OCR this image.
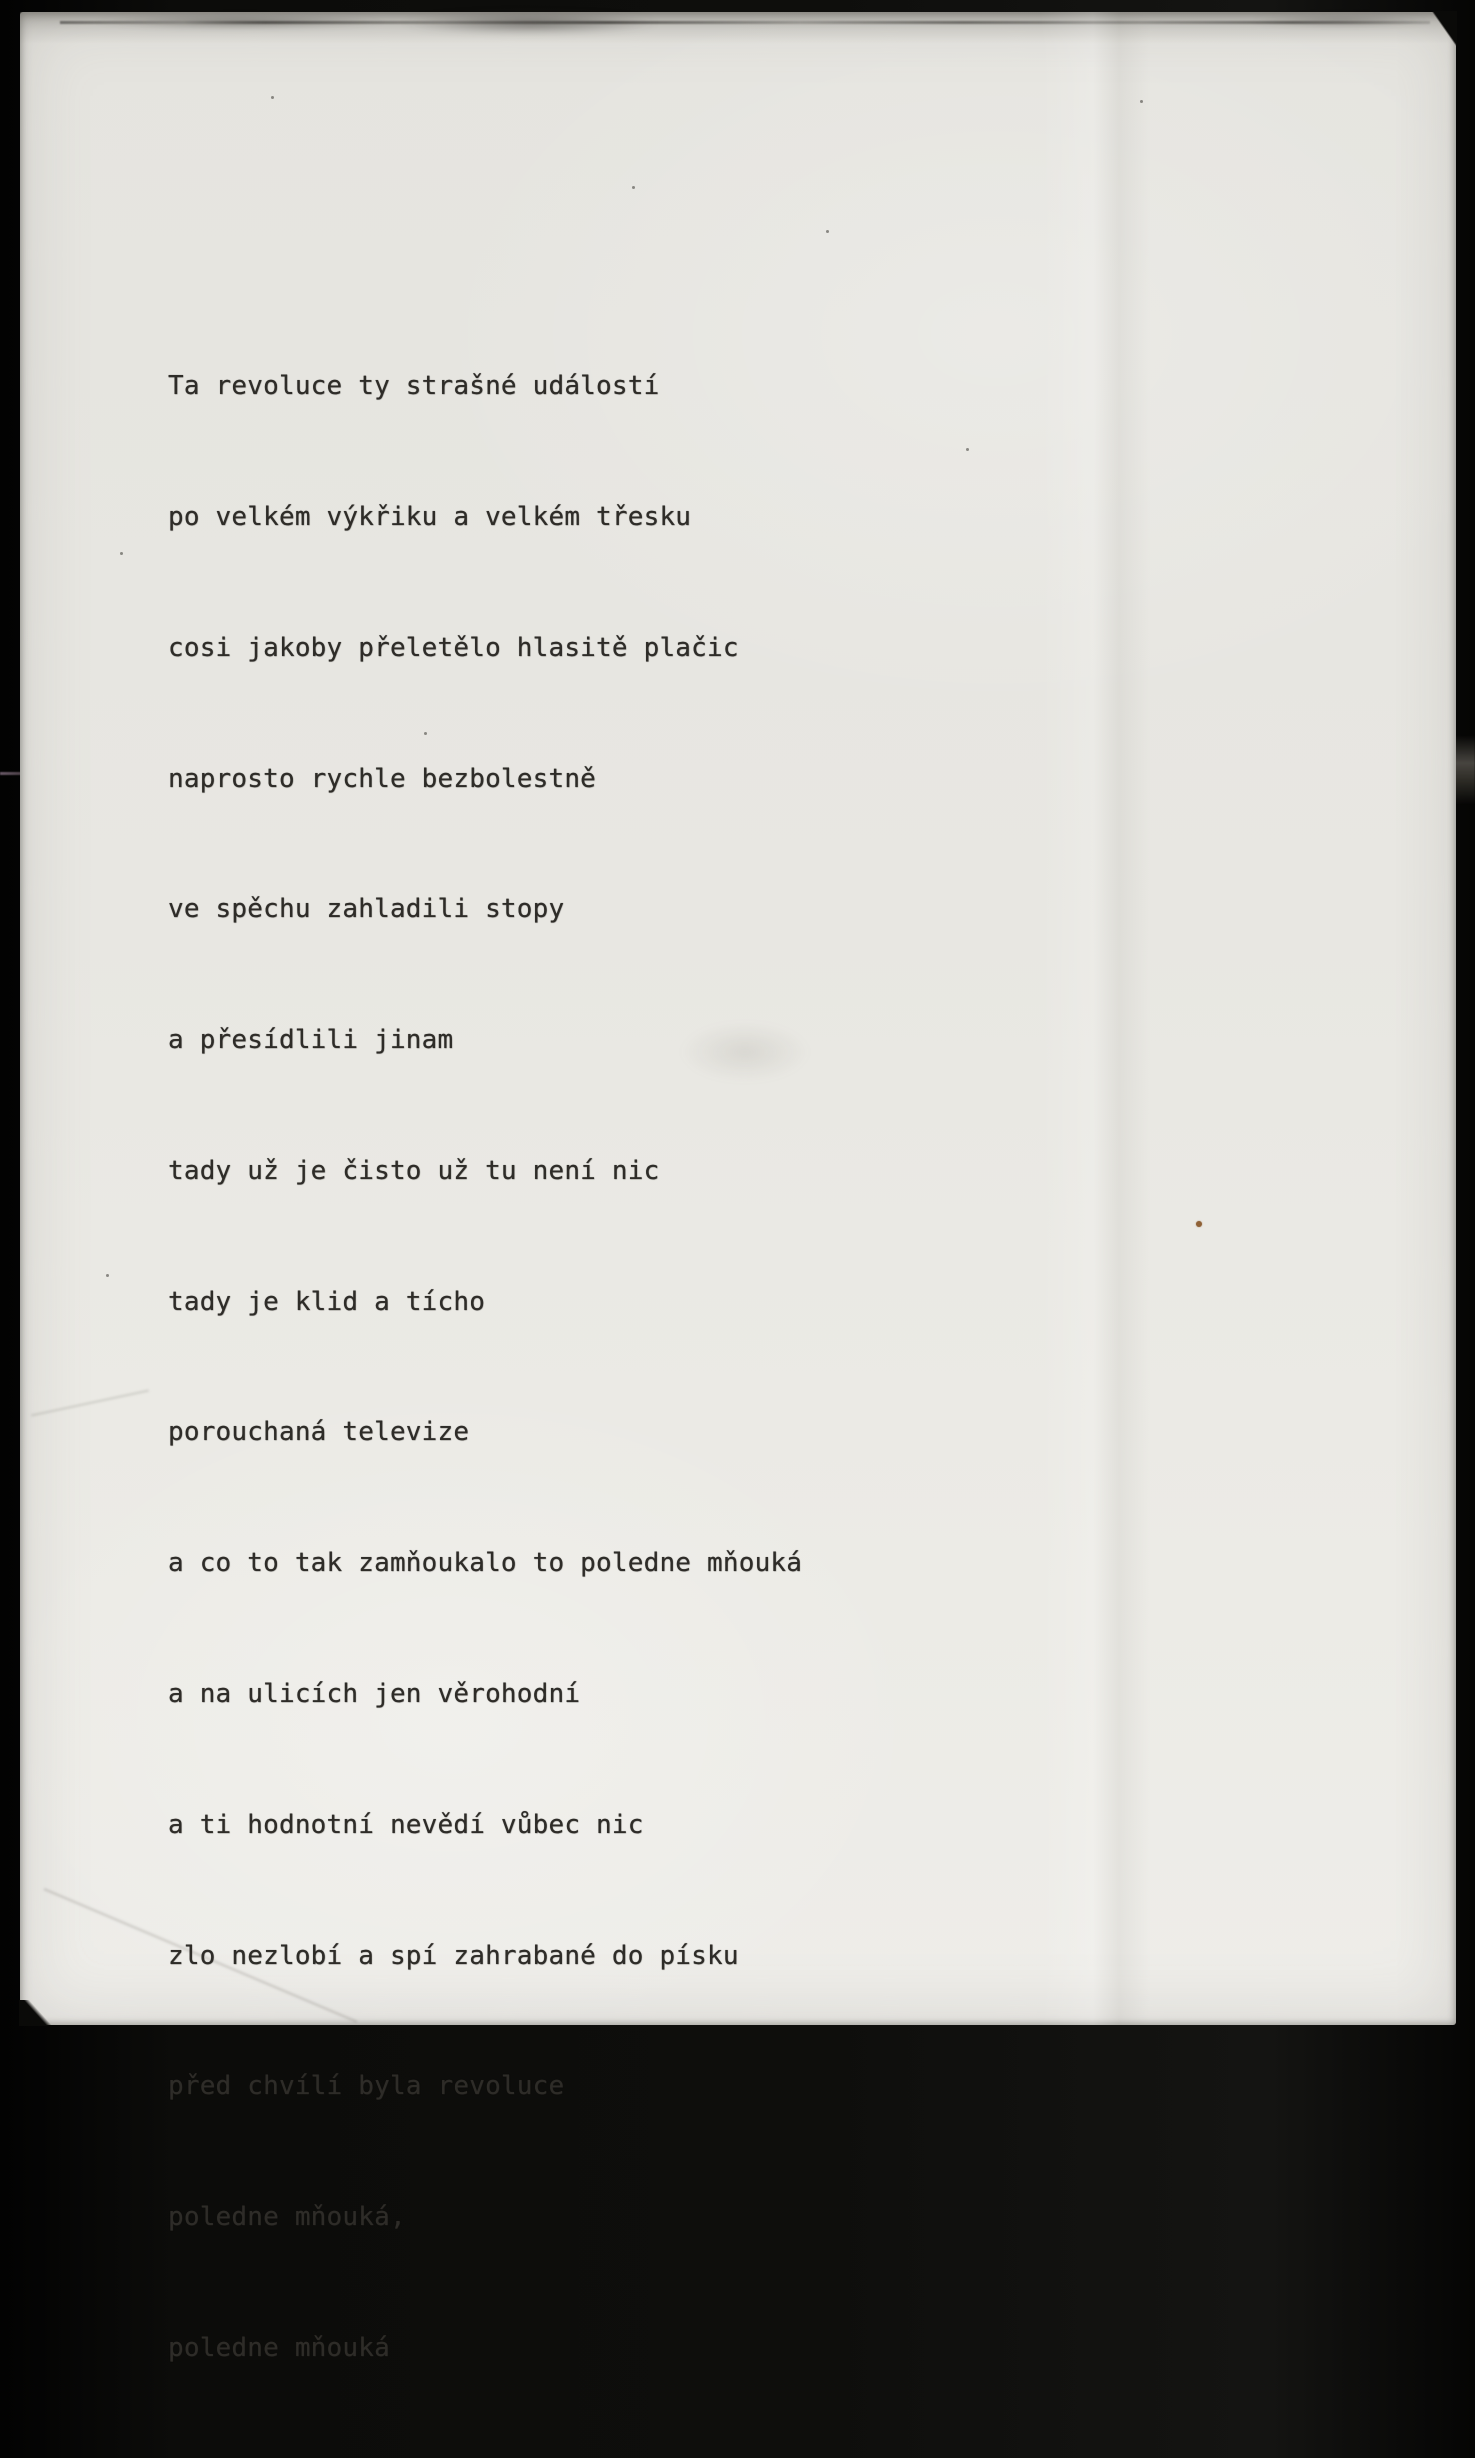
Ta revoluce ty strašné událostí

po velkém výkřiku a velkém třesku

cosi jakoby přeletělo hlasitě plačic

naprosto rychle bezbolestně

ve spěchu zahladili stopy

a přesídlili jinam

tady už je čisto už tu není nic

tady je klid a tícho

porouchaná televize

a co to tak zamňoukalo to poledne mňouká

a na ulicích jen věrohodní

a ti hodnotní nevědí vůbec nic

zlo nezlobí a spí zahrabané do písku

před chvílí byla revoluce

poledne mňouká,

poledne mňouká
